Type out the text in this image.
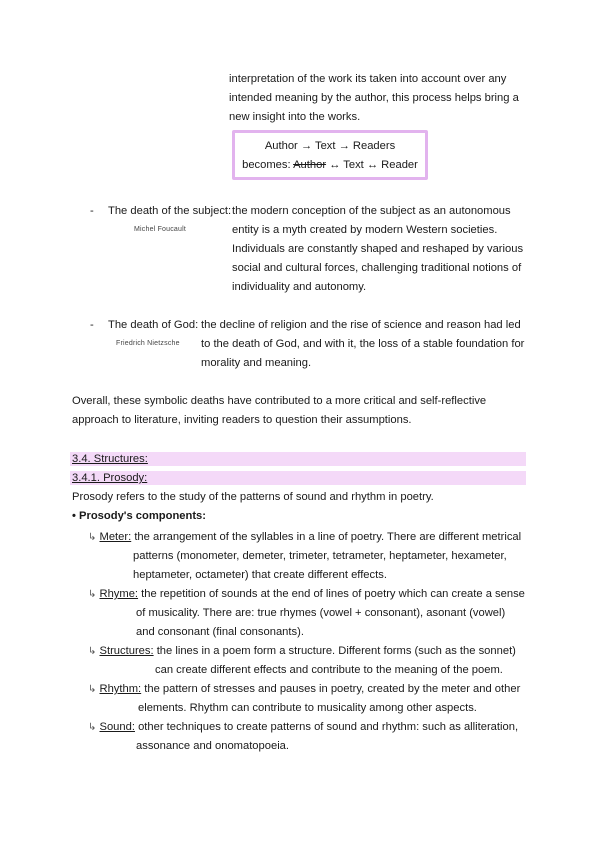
interpretation of the work its taken into account over any
intended meaning by the author, this process helps bring a
new insight into the works.
Author → Text → Readers
becomes: Author ↔ Text ↔ Reader
- The death of the subject:
Michel Foucault
the modern conception of the subject as an autonomous
entity is a myth created by modern Western societies.
Individuals are constantly shaped and reshaped by various
social and cultural forces, challenging traditional notions of
individuality and autonomy.
- The death of God:
Friedrich Nietzsche
the decline of religion and the rise of science and reason had led
to the death of God, and with it, the loss of a stable foundation for
morality and meaning.
Overall, these symbolic deaths have contributed to a more critical and self-reflective
approach to literature, inviting readers to question their assumptions.
3.4. Structures:
3.4.1. Prosody:
Prosody refers to the study of the patterns of sound and rhythm in poetry.
• Prosody's components:
↳ Meter: the arrangement of the syllables in a line of poetry. There are different metrical
patterns (monometer, demeter, trimeter, tetrameter, heptameter, hexameter,
heptameter, octameter) that create different effects.
↳ Rhyme: the repetition of sounds at the end of lines of poetry which can create a sense
of musicality. There are: true rhymes (vowel + consonant), asonant (vowel)
and consonant (final consonants).
↳ Structures: the lines in a poem form a structure. Different forms (such as the sonnet)
can create different effects and contribute to the meaning of the poem.
↳ Rhythm: the pattern of stresses and pauses in poetry, created by the meter and other
elements. Rhythm can contribute to musicality among other aspects.
↳ Sound: other techniques to create patterns of sound and rhythm: such as alliteration,
assonance and onomatopoeia.
